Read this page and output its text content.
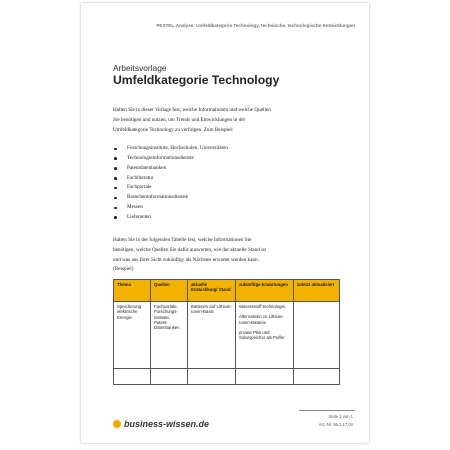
PESTEL-Analyse: Umfeldkategorie Technology, technische, technologische Entwicklungen
Arbeitsvorlage
Umfeldkategorie Technology
Halten Sie in dieser Vorlage fest, welche Informationen und welche Quellen
Sie benötigen und nutzen, um Trends und Entwicklungen in der
Umfeldkategorie Technology zu verfolgen. Zum Beispiel:
Forschungsinstitute, Hochschulen, Universitäten
Technologieinformationsdienste
Patentdatenbanken
Fachliteratur
Fachportale
Brancheninformationsdienste
Messen
Lieferanten
Halten Sie in der folgenden Tabelle fest, welche Informationen Sie
benötigen, welche Quellen Sie dafür auswerten, wie der aktuelle Stand ist
und was aus Ihrer Sicht zukünftig/ als Nächstes erwartet werden kann.
(Beispiel)
Thema	Quellen	aktuelle Entwicklung/ Stand	zukünftige Erwartungen	zuletzt aktualisiert
Speicherung elektrische Energie	Fachportale, Forschungs-institute, Patent-Datenbanken	Batterien auf Lithium-Ionen-Basis	Wasserstoff-technologie,
Alternativen zu Lithium-Ionen-Batterie
private Pkw und Solarspeicher als Puffer	

Seite 1 von 1
Art.-Nr. 99.2.17.04
business-wissen.de
